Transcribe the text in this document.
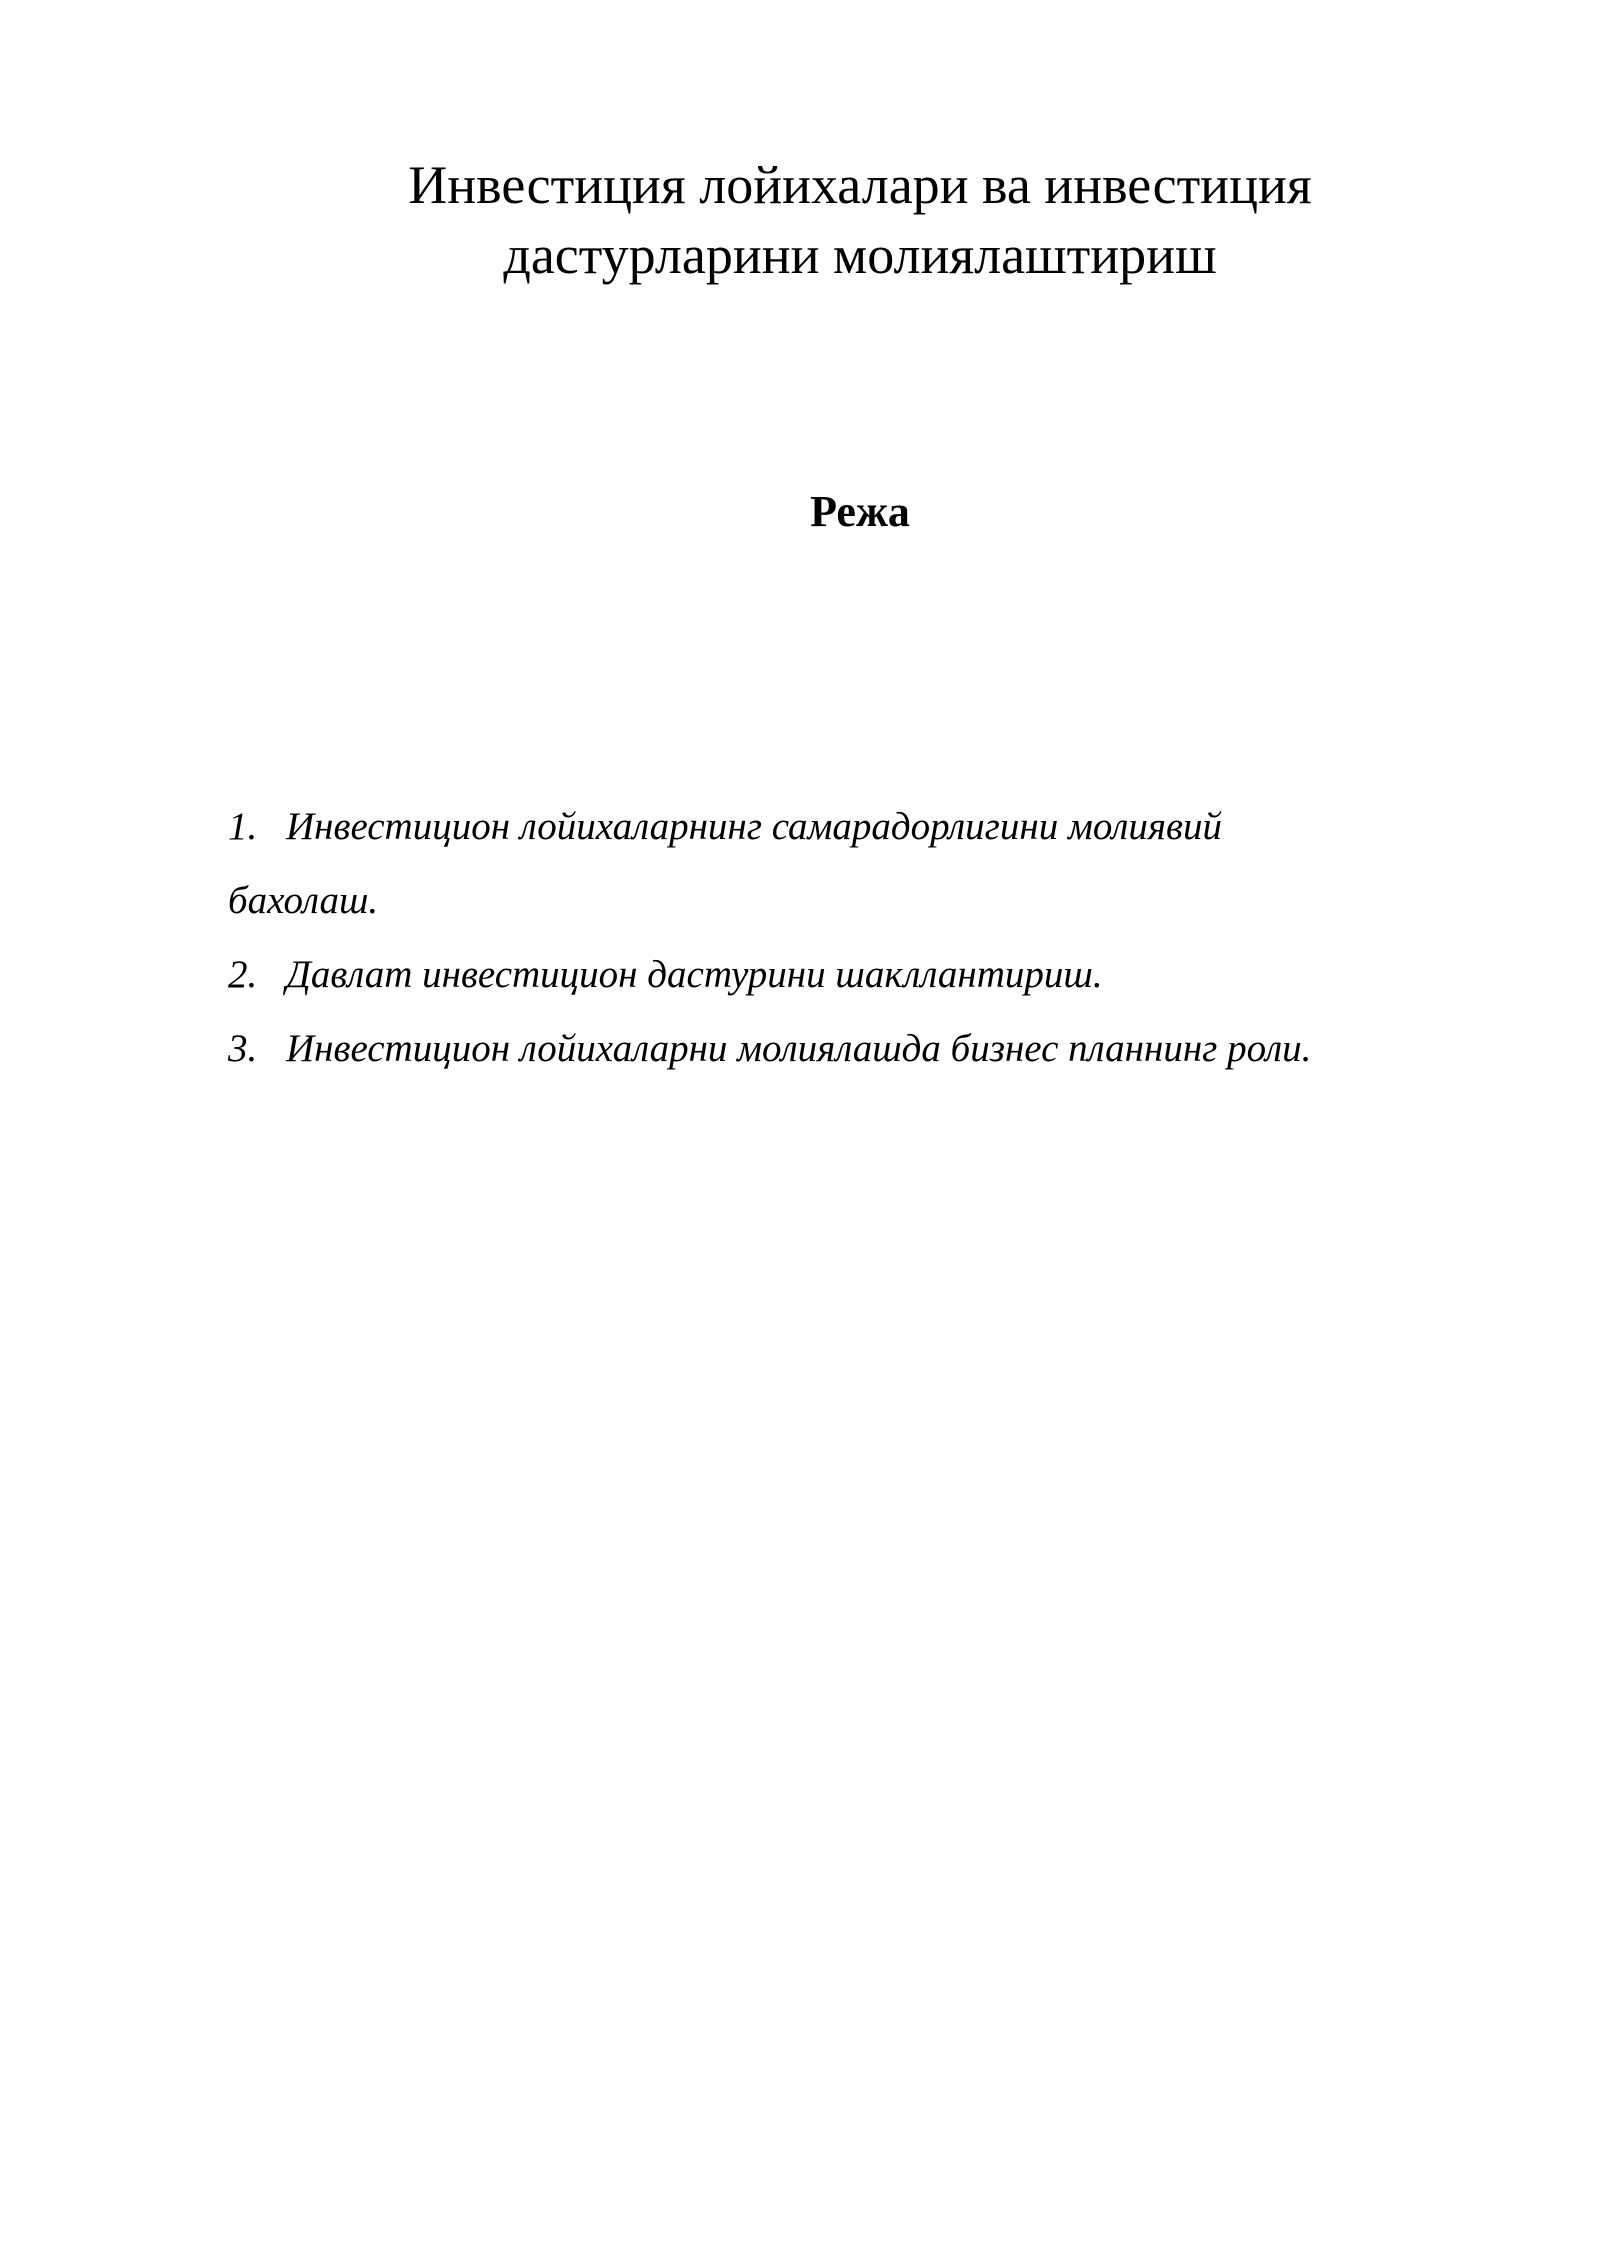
Инвестиция лойихалари ва инвестиция
дастурларини молиялаштириш
Режа
1. Инвестицион лойихаларнинг самарадорлигини молиявий
бахолаш.
2. Давлат инвестицион дастурини шакллантириш.
3. Инвестицион лойихаларни молиялашда бизнес планнинг роли.
